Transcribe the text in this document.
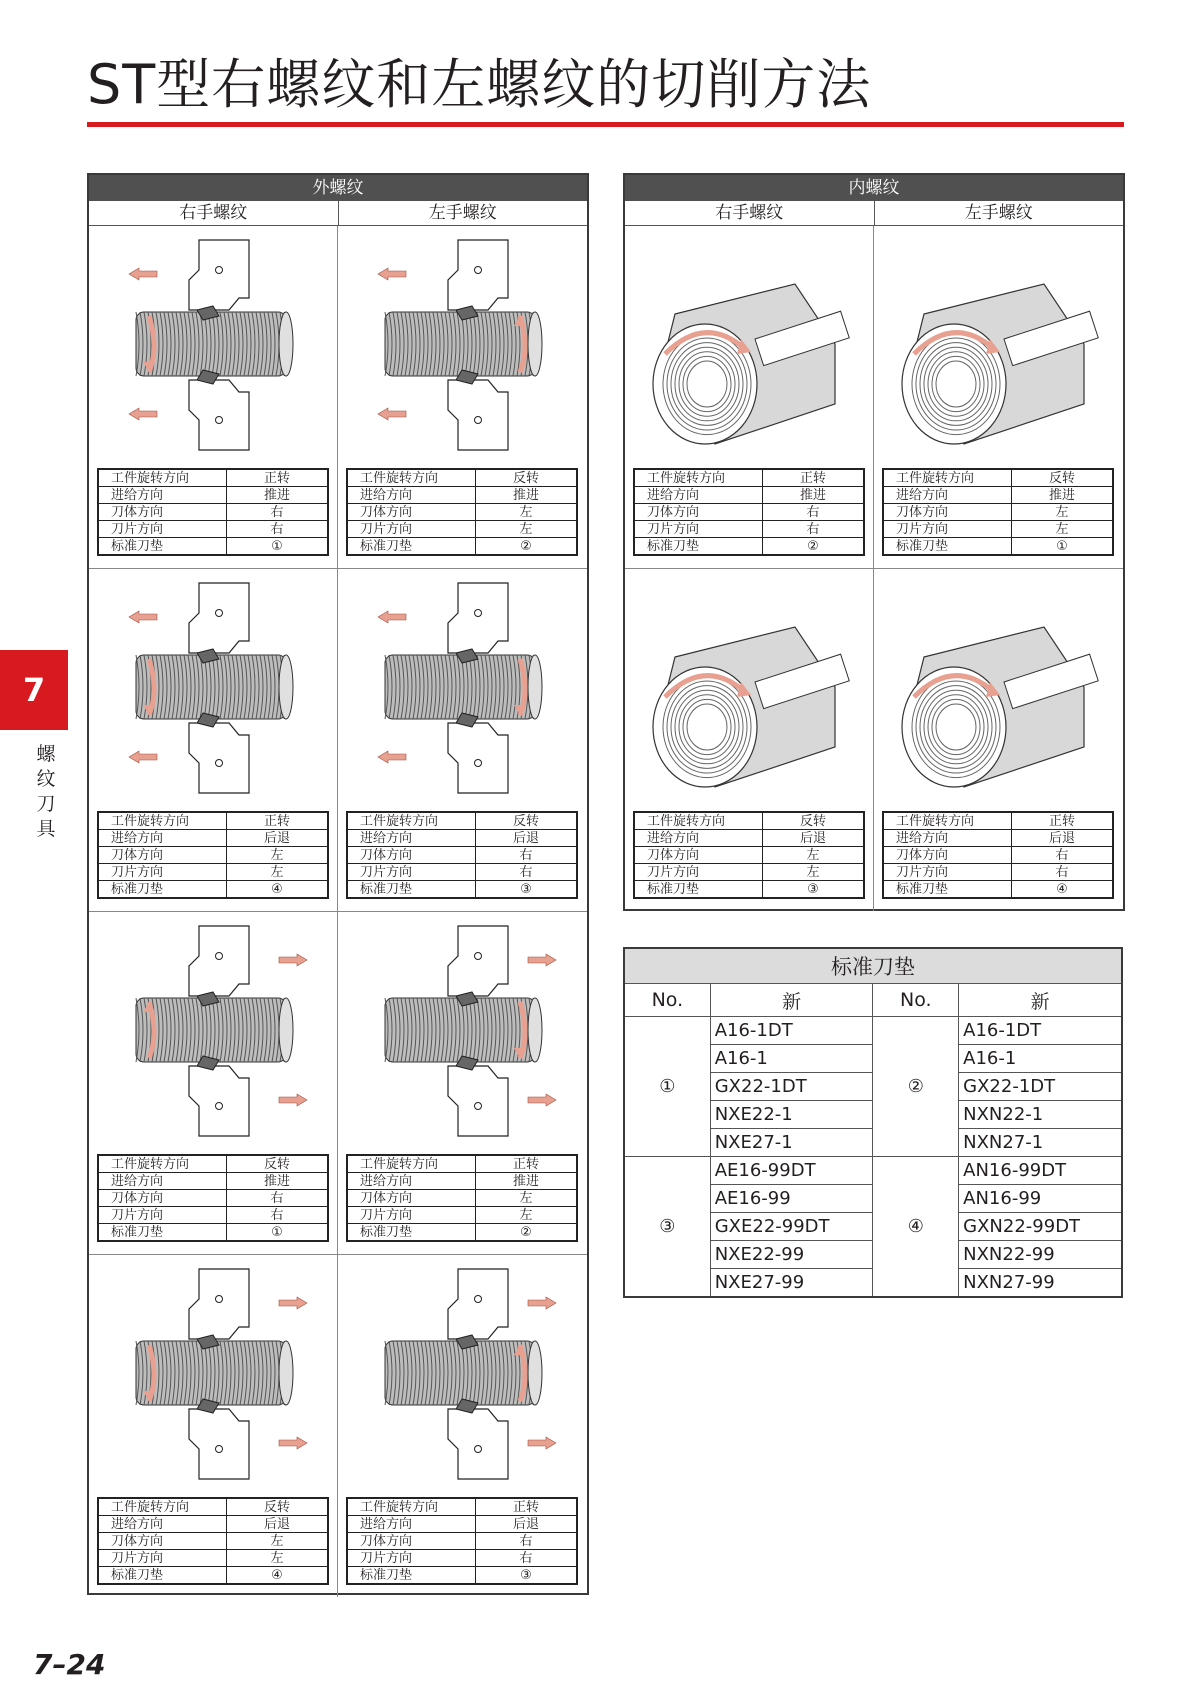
ST型右螺纹和左螺纹的切削方法
7
螺
纹
刀
具
外螺纹
右手螺纹	左手螺纹
工件旋转方向	正转
进给方向	推进
刀体方向	右
刀片方向	右
标准刀垫	①
工件旋转方向	反转
进给方向	推进
刀体方向	左
刀片方向	左
标准刀垫	②
工件旋转方向	正转
进给方向	后退
刀体方向	左
刀片方向	左
标准刀垫	④
工件旋转方向	反转
进给方向	后退
刀体方向	右
刀片方向	右
标准刀垫	③
工件旋转方向	反转
进给方向	推进
刀体方向	右
刀片方向	右
标准刀垫	①
工件旋转方向	正转
进给方向	推进
刀体方向	左
刀片方向	左
标准刀垫	②
工件旋转方向	反转
进给方向	后退
刀体方向	左
刀片方向	左
标准刀垫	④
工件旋转方向	正转
进给方向	后退
刀体方向	右
刀片方向	右
标准刀垫	③
内螺纹
右手螺纹	左手螺纹
工件旋转方向	正转
进给方向	推进
刀体方向	右
刀片方向	右
标准刀垫	②
工件旋转方向	反转
进给方向	推进
刀体方向	左
刀片方向	左
标准刀垫	①
工件旋转方向	反转
进给方向	后退
刀体方向	左
刀片方向	左
标准刀垫	③
工件旋转方向	正转
进给方向	后退
刀体方向	右
刀片方向	右
标准刀垫	④
标准刀垫			
No.	新	No.	新
①	A16-1DT	②	A16-1DT
	A16-1		A16-1
	GX22-1DT		GX22-1DT
	NXE22-1		NXN22-1
	NXE27-1		NXN27-1
③	AE16-99DT	④	AN16-99DT
	AE16-99		AN16-99
	GXE22-99DT		GXN22-99DT
	NXE22-99		NXN22-99
	NXE27-99		NXN27-99

7–24
